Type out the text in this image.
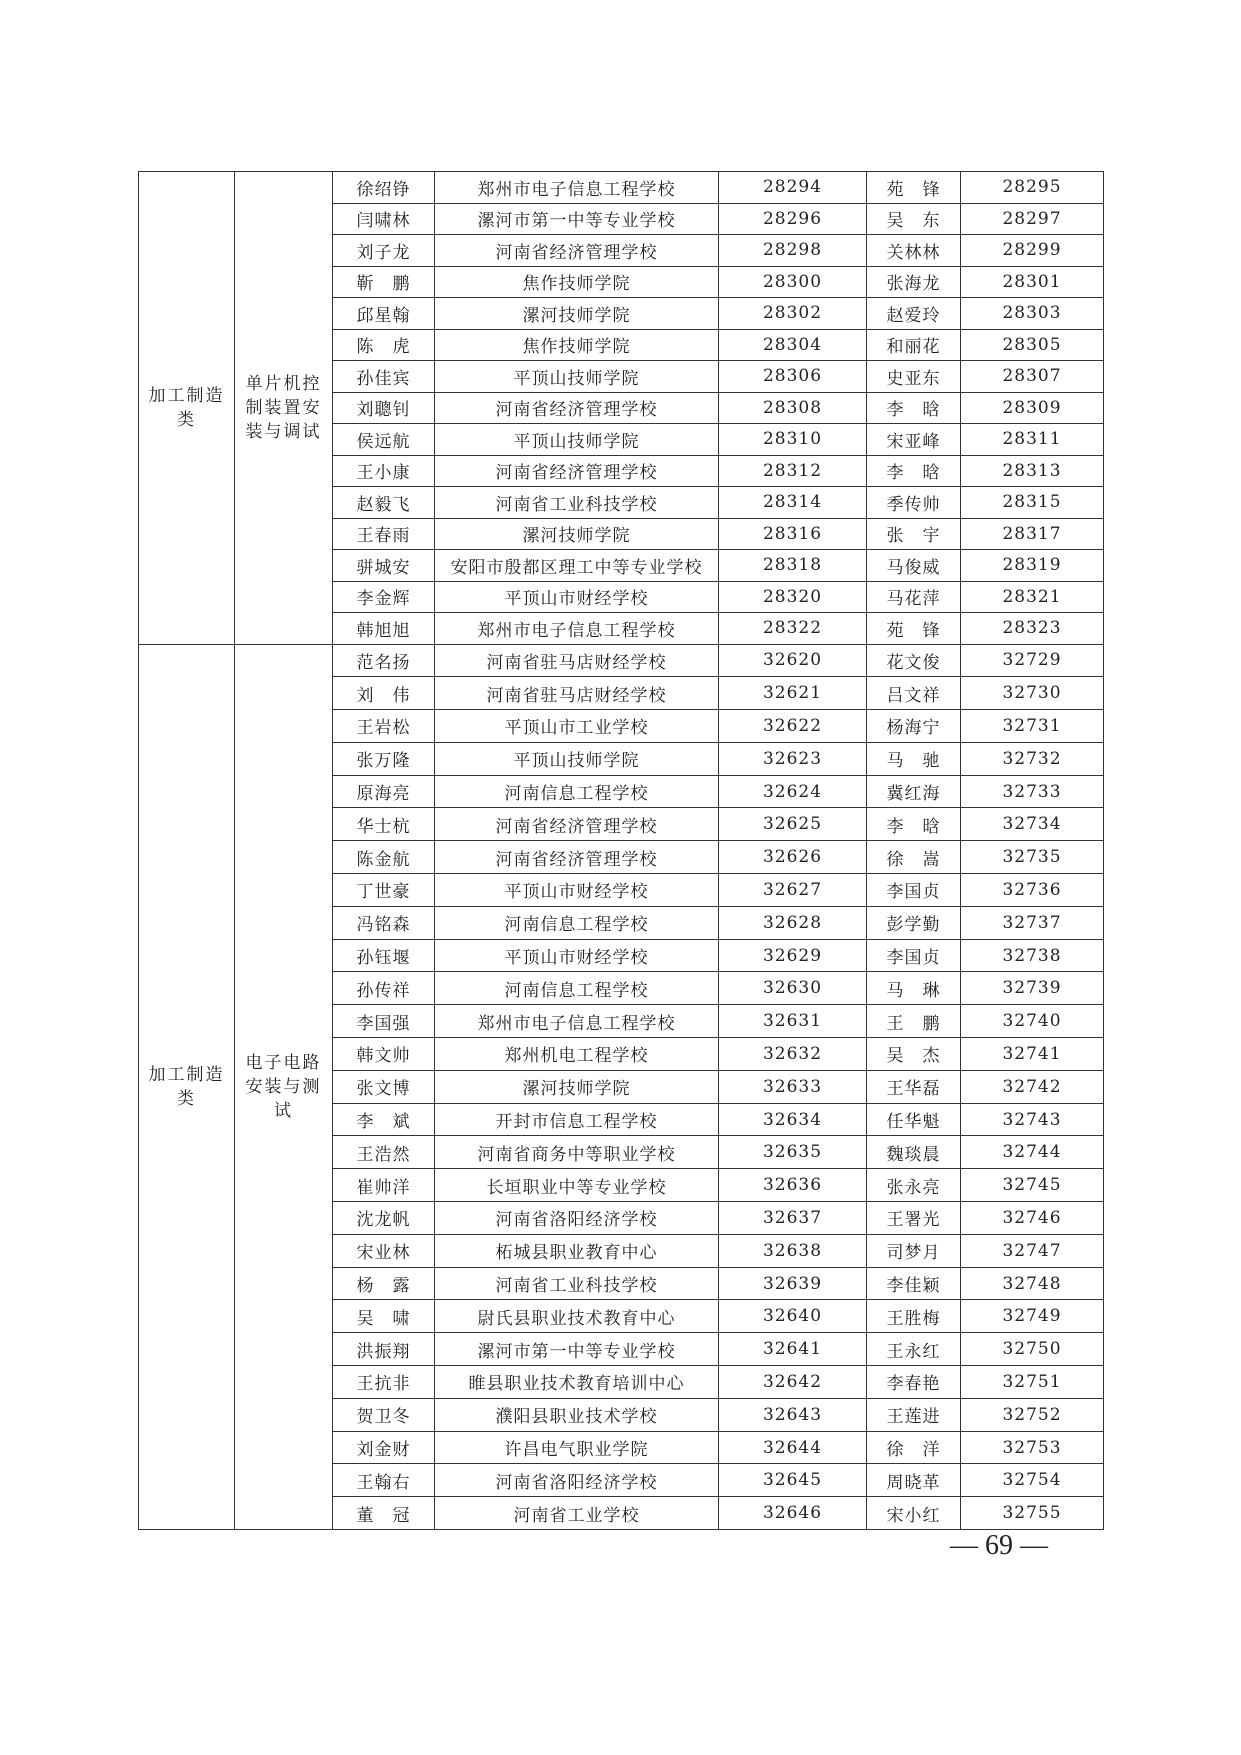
加工制造类	单片机控制装置安装与调试	徐绍铮	郑州市电子信息工程学校	28294	苑　锋	28295
		闫啸林	漯河市第一中等专业学校	28296	吴　东	28297
		刘子龙	河南省经济管理学校	28298	关林林	28299
		靳　鹏	焦作技师学院	28300	张海龙	28301
		邱星翰	漯河技师学院	28302	赵爱玲	28303
		陈　虎	焦作技师学院	28304	和丽花	28305
		孙佳宾	平顶山技师学院	28306	史亚东	28307
		刘聰钊	河南省经济管理学校	28308	李　晗	28309
		侯远航	平顶山技师学院	28310	宋亚峰	28311
		王小康	河南省经济管理学校	28312	李　晗	28313
		赵毅飞	河南省工业科技学校	28314	季传帅	28315
		王春雨	漯河技师学院	28316	张　宇	28317
		骈城安	安阳市殷都区理工中等专业学校	28318	马俊威	28319
		李金辉	平顶山市财经学校	28320	马花萍	28321
		韩旭旭	郑州市电子信息工程学校	28322	苑　锋	28323
加工制造类	电子电路安装与测试	范名扬	河南省驻马店财经学校	32620	花文俊	32729
		刘　伟	河南省驻马店财经学校	32621	吕文祥	32730
		王岩松	平顶山市工业学校	32622	杨海宁	32731
		张万隆	平顶山技师学院	32623	马　驰	32732
		原海亮	河南信息工程学校	32624	冀红海	32733
		华士杭	河南省经济管理学校	32625	李　晗	32734
		陈金航	河南省经济管理学校	32626	徐　嵩	32735
		丁世豪	平顶山市财经学校	32627	李国贞	32736
		冯铭森	河南信息工程学校	32628	彭学勤	32737
		孙钰堰	平顶山市财经学校	32629	李国贞	32738
		孙传祥	河南信息工程学校	32630	马　琳	32739
		李国强	郑州市电子信息工程学校	32631	王　鹏	32740
		韩文帅	郑州机电工程学校	32632	吴　杰	32741
		张文博	漯河技师学院	32633	王华磊	32742
		李　斌	开封市信息工程学校	32634	任华魁	32743
		王浩然	河南省商务中等职业学校	32635	魏琰晨	32744
		崔帅洋	长垣职业中等专业学校	32636	张永亮	32745
		沈龙帆	河南省洛阳经济学校	32637	王署光	32746
		宋业林	柘城县职业教育中心	32638	司梦月	32747
		杨　露	河南省工业科技学校	32639	李佳颖	32748
		吴　啸	尉氏县职业技术教育中心	32640	王胜梅	32749
		洪振翔	漯河市第一中等专业学校	32641	王永红	32750
		王抗非	睢县职业技术教育培训中心	32642	李春艳	32751
		贺卫冬	濮阳县职业技术学校	32643	王莲进	32752
		刘金财	许昌电气职业学院	32644	徐　洋	32753
		王翰右	河南省洛阳经济学校	32645	周晓革	32754
		董　冠	河南省工业学校	32646	宋小红	32755
— 69 —
